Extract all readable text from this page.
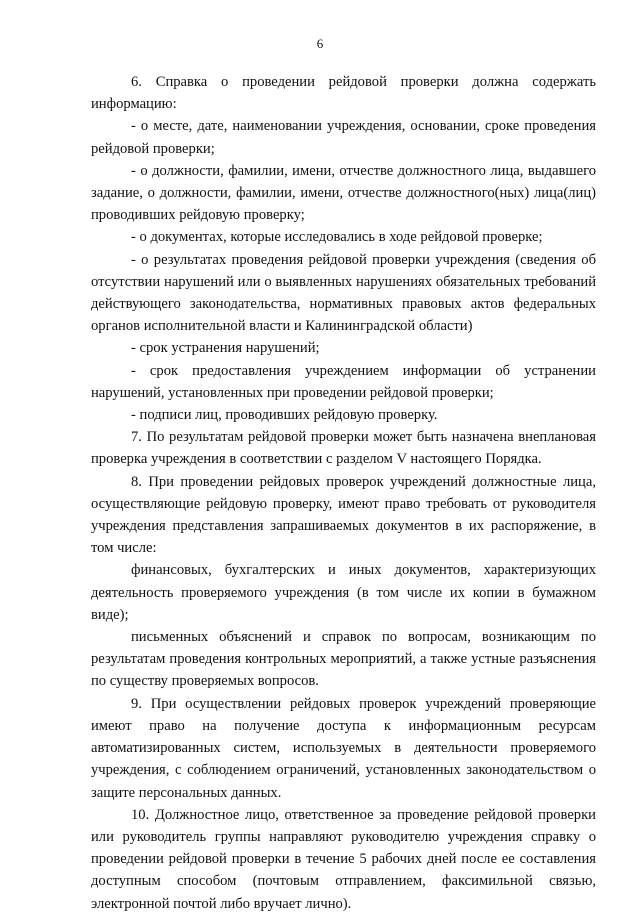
6

6. Справка о проведении рейдовой проверки должна содержать информацию:

- о месте, дате, наименовании учреждения, основании, сроке проведения рейдовой проверки;

- о должности, фамилии, имени, отчестве должностного лица, выдавшего задание, о должности, фамилии, имени, отчестве должностного(ных) лица(лиц) проводивших рейдовую проверку;

- о документах, которые исследовались в ходе рейдовой проверке;

- о результатах проведения рейдовой проверки учреждения (сведения об отсутствии нарушений или о выявленных нарушениях обязательных требований действующего законодательства, нормативных правовых актов федеральных органов исполнительной власти и Калининградской области)

- срок устранения нарушений;

- срок предоставления учреждением информации об устранении нарушений, установленных при проведении рейдовой проверки;

- подписи лиц, проводивших рейдовую проверку.

7. По результатам рейдовой проверки может быть назначена внеплановая проверка учреждения в соответствии с разделом V настоящего Порядка.

8. При проведении рейдовых проверок учреждений должностные лица, осуществляющие рейдовую проверку, имеют право требовать от руководителя учреждения представления запрашиваемых документов в их распоряжение, в том числе:

финансовых, бухгалтерских и иных документов, характеризующих деятельность проверяемого учреждения (в том числе их копии в бумажном виде);

письменных объяснений и справок по вопросам, возникающим по результатам проведения контрольных мероприятий, а также устные разъяснения по существу проверяемых вопросов.

9. При осуществлении рейдовых проверок учреждений проверяющие имеют право на получение доступа к информационным ресурсам автоматизированных систем, используемых в деятельности проверяемого учреждения, с соблюдением ограничений, установленных законодательством о защите персональных данных.

10. Должностное лицо, ответственное за проведение рейдовой проверки или руководитель группы направляют руководителю учреждения справку о проведении рейдовой проверки в течение 5 рабочих дней после ее составления доступным способом (почтовым отправлением, факсимильной связью, электронной почтой либо вручает лично).
